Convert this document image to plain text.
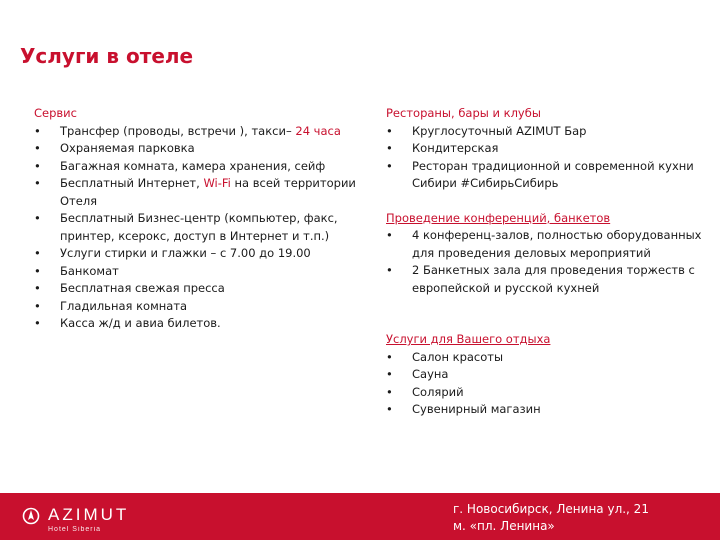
Услуги в отеле
Сервис
• Трансфер (проводы, встречи ), такси– 24 часа
• Охраняемая парковка
• Багажная комната, камера хранения, сейф
• Бесплатный Интернет, Wi-Fi на всей территории Отеля
• Бесплатный Бизнес-центр (компьютер, факс, принтер, ксерокс, доступ в Интернет и т.п.)
• Услуги стирки и глажки – с 7.00 до 19.00
• Банкомат
• Бесплатная свежая пресса
• Гладильная комната
• Касса ж/д и авиа билетов.
Рестораны, бары и клубы
• Круглосуточный AZIMUT Бар
• Кондитерская
• Ресторан традиционной и современной кухни Сибири #СибирьСибирь
Проведение конференций, банкетов
• 4 конференц-залов, полностью оборудованных для проведения деловых мероприятий
• 2 Банкетных зала для проведения торжеств с европейской и русской кухней
Услуги для Вашего отдыха
• Салон красоты
• Сауна
• Солярий
• Сувенирный магазин
AZIMUT
Hotel Siberia
г. Новосибирск, Ленина ул., 21
м. «пл. Ленина»
